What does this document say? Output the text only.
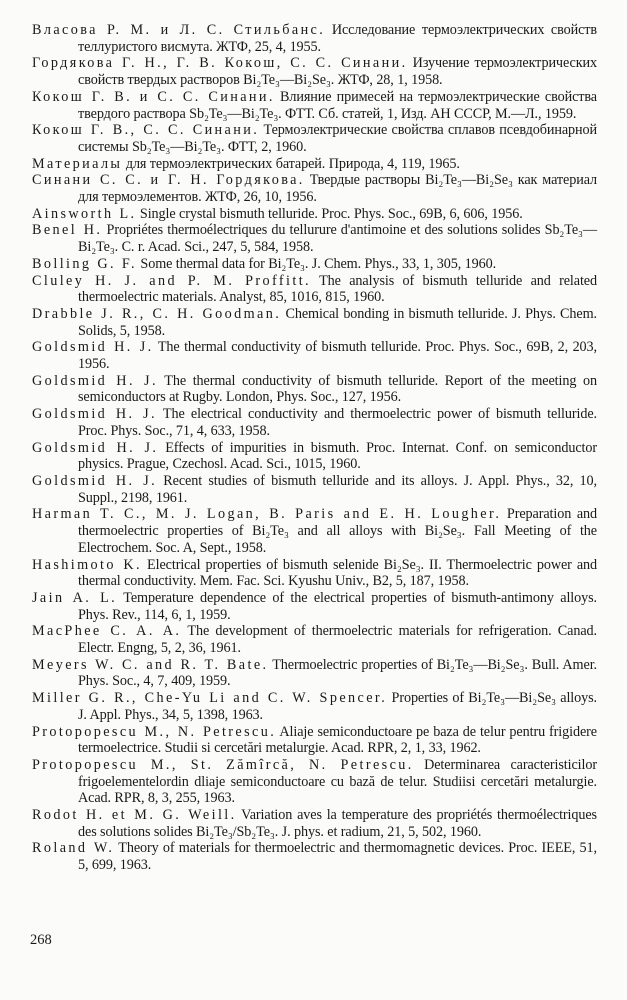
Власова Р. М. и Л. С. Стильбанс. Исследование термоэлектрических свойств теллуристого висмута. ЖТФ, 25, 4, 1955.
Гордякова Г. Н., Г. В. Кокош, С. С. Синани. Изучение термоэлектрических свойств твердых растворов Bi₂Te₃—Bi₂Se₃. ЖТФ, 28, 1, 1958.
Кокош Г. В. и С. С. Синани. Влияние примесей на термоэлектрические свойства твердого раствора Sb₂Te₃—Bi₂Te₃. ФТТ. Сб. статей, 1, Изд. АН СССР, М.—Л., 1959.
Кокош Г. В., С. С. Синани. Термоэлектрические свойства сплавов псевдобинарной системы Sb₂Te₃—Bi₂Te₃. ФТТ, 2, 1960.
Материалы для термоэлектрических батарей. Природа, 4, 119, 1965.
Синани С. С. и Г. Н. Гордякова. Твердые растворы Bi₂Te₃—Bi₂Se₃ как материал для термоэлементов. ЖТФ, 26, 10, 1956.
Ainsworth L. Single crystal bismuth telluride. Proc. Phys. Soc., 69B, 6, 606, 1956.
Benel H. Propriétes thermoélectriques du tellurure d'antimoine et des solutions solides Sb₂Te₃—Bi₂Te₃. C. r. Acad. Sci., 247, 5, 584, 1958.
Bolling G. F. Some thermal data for Bi₂Te₃. J. Chem. Phys., 33, 1, 305, 1960.
Cluley H. J. and P. M. Proffitt. The analysis of bismuth telluride and related thermoelectric materials. Analyst, 85, 1016, 815, 1960.
Drabble J. R., C. H. Goodman. Chemical bonding in bismuth telluride. J. Phys. Chem. Solids, 5, 1958.
Goldsmid H. J. The thermal conductivity of bismuth telluride. Proc. Phys. Soc., 69B, 2, 203, 1956.
Goldsmid H. J. The thermal conductivity of bismuth telluride. Report of the meeting on semiconductors at Rugby. London, Phys. Soc., 127, 1956.
Goldsmid H. J. The electrical conductivity and thermoelectric power of bismuth telluride. Proc. Phys. Soc., 71, 4, 633, 1958.
Goldsmid H. J. Effects of impurities in bismuth. Proc. Internat. Conf. on semiconductor physics. Prague, Czechosl. Acad. Sci., 1015, 1960.
Goldsmid H. J. Recent studies of bismuth telluride and its alloys. J. Appl. Phys., 32, 10, Suppl., 2198, 1961.
Harman T. C., M. J. Logan, B. Paris and E. H. Lougher. Preparation and thermoelectric properties of Bi₂Te₃ and all alloys with Bi₂Se₃. Fall Meeting of the Electrochem. Soc. A, Sept., 1958.
Hashimoto K. Electrical properties of bismuth selenide Bi₂Se₃. II. Thermoelectric power and thermal conductivity. Mem. Fac. Sci. Kyushu Univ., B2, 5, 187, 1958.
Jain A. L. Temperature dependence of the electrical properties of bismuth-antimony alloys. Phys. Rev., 114, 6, 1, 1959.
MacPhee C. A. A. The development of thermoelectric materials for refrigeration. Canad. Electr. Engng, 5, 2, 36, 1961.
Meyers W. C. and R. T. Bate. Thermoelectric properties of Bi₂Te₃—Bi₂Se₃. Bull. Amer. Phys. Soc., 4, 7, 409, 1959.
Miller G. R., Che-Yu Li and C. W. Spencer. Properties of Bi₂Te₃—Bi₂Se₃ alloys. J. Appl. Phys., 34, 5, 1398, 1963.
Protopopescu M., N. Petrescu. Aliaje semiconductoare pe baza de telur pentru frigidere termoelectrice. Studii si cercetări metalurgie. Acad. RPR, 2, 1, 33, 1962.
Protopopescu M., St. Zămîrcă, N. Petrescu. Determinarea caracteristicilor frigoelementelordin dliaje semiconductoare cu bază de telur. Studiisi cercetări metalurgie. Acad. RPR, 8, 3, 255, 1963.
Rodot H. et M. G. Weill. Variation aves la temperature des propriétés thermoélectriques des solutions solides Bi₂Te₃/Sb₂Te₃. J. phys. et radium, 21, 5, 502, 1960.
Roland W. Theory of materials for thermoelectric and thermomagnetic devices. Proc. IEEE, 51, 5, 699, 1963.
268
